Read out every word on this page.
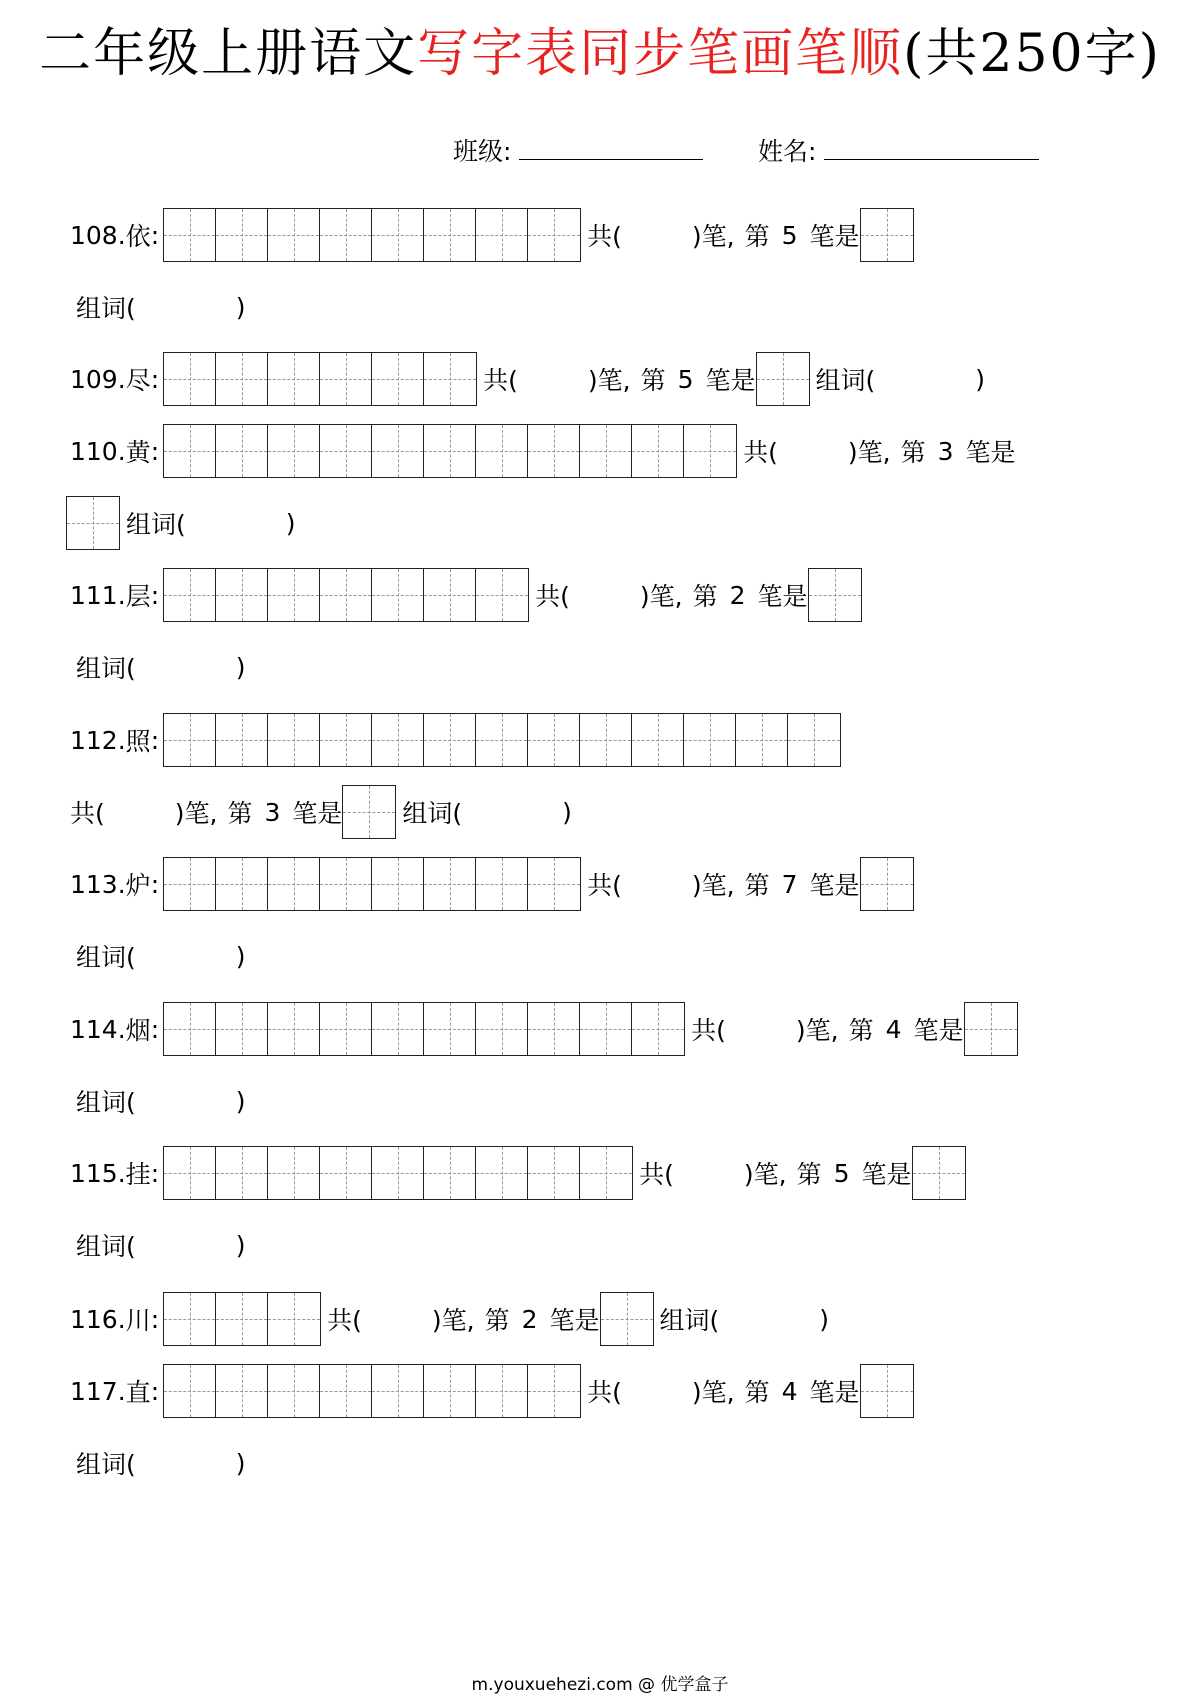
二年级上册语文写字表同步笔画笔顺(共250字)
班级:	姓名:
108. 依 :	共(	)笔, 第 5 笔是
组词(	)
109. 尽 :	共(	)笔, 第 5 笔是 组词(	)
110. 黄 :	共(	)笔, 第 3 笔是
组词(	)
111. 层 :	共(	)笔, 第 2 笔是
组词(	)
112. 照 :
共(	)笔, 第 3 笔是 组词(	)
113. 炉 :	共(	)笔, 第 7 笔是
组词(	)
114. 烟 :	共(	)笔, 第 4 笔是
组词(	)
115. 挂 :	共(	)笔, 第 5 笔是
组词(	)
116. 川 :	共(	)笔, 第 2 笔是 组词(	)
117. 直 :	共(	)笔, 第 4 笔是
组词(	)
m.youxuehezi.com @ 优学盒子
